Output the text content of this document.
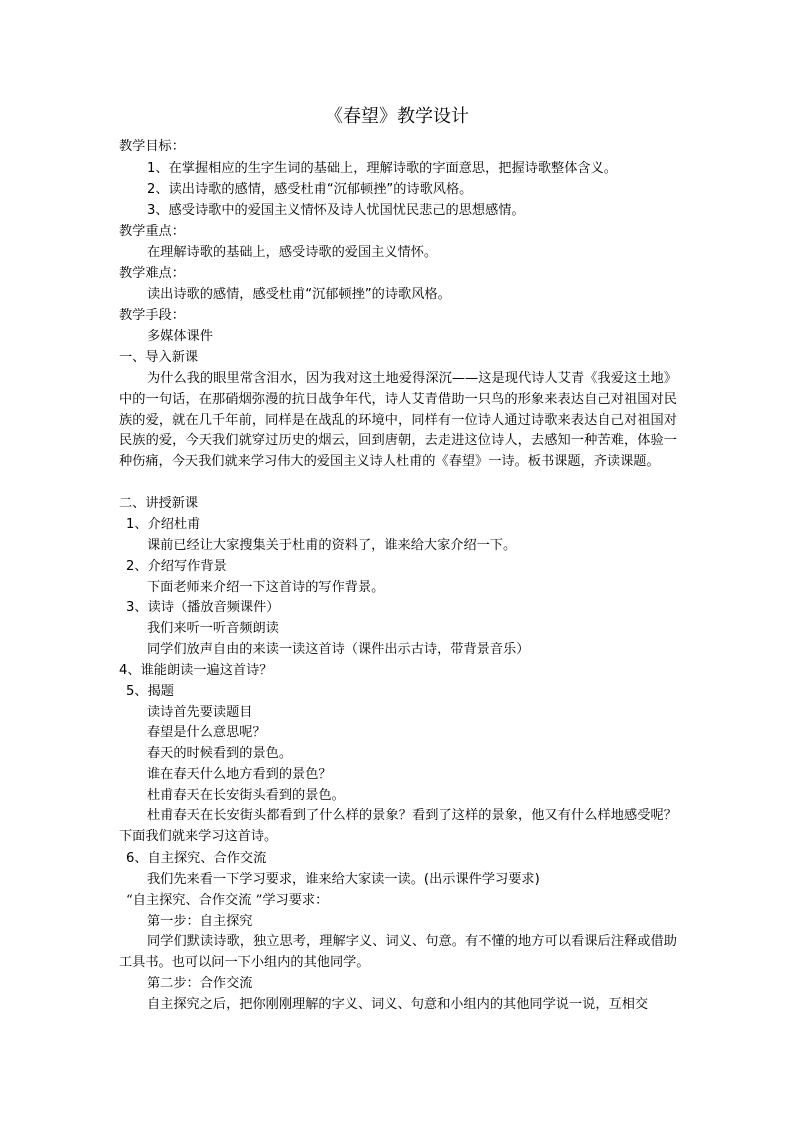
《春望》教学设计
教学目标：
1、在掌握相应的生字生词的基础上，理解诗歌的字面意思，把握诗歌整体含义。
2、读出诗歌的感情，感受杜甫“沉郁顿挫”的诗歌风格。
3、感受诗歌中的爱国主义情怀及诗人忧国忧民悲己的思想感情。
教学重点：
在理解诗歌的基础上，感受诗歌的爱国主义情怀。
教学难点：
读出诗歌的感情，感受杜甫“沉郁顿挫”的诗歌风格。
教学手段：
多媒体课件
一、导入新课
为什么我的眼里常含泪水，因为我对这土地爱得深沉——这是现代诗人艾青《我爱这土地》中的一句话，在那硝烟弥漫的抗日战争年代，诗人艾青借助一只鸟的形象来表达自己对祖国对民族的爱，就在几千年前，同样是在战乱的环境中，同样有一位诗人通过诗歌来表达自己对祖国对民族的爱，今天我们就穿过历史的烟云，回到唐朝，去走进这位诗人，去感知一种苦难，体验一种伤痛，今天我们就来学习伟大的爱国主义诗人杜甫的《春望》一诗。板书课题，齐读课题。
二、讲授新课
1、介绍杜甫
课前已经让大家搜集关于杜甫的资料了，谁来给大家介绍一下。
2、介绍写作背景
下面老师来介绍一下这首诗的写作背景。
3、读诗（播放音频课件）
我们来听一听音频朗读
同学们放声自由的来读一读这首诗（课件出示古诗，带背景音乐）
4、谁能朗读一遍这首诗？
5、揭题
读诗首先要读题目
春望是什么意思呢？
春天的时候看到的景色。
谁在春天什么地方看到的景色？
杜甫春天在长安街头看到的景色。
杜甫春天在长安街头都看到了什么样的景象？看到了这样的景象，他又有什么样地感受呢？下面我们就来学习这首诗。
6、自主探究、合作交流
我们先来看一下学习要求，谁来给大家读一读。(出示课件学习要求)
“自主探究、合作交流 ”学习要求：
第一步：自主探究
同学们默读诗歌，独立思考，理解字义、词义、句意。有不懂的地方可以看课后注释或借助工具书。也可以问一下小组内的其他同学。
第二步：合作交流
自主探究之后，把你刚刚理解的字义、词义、句意和小组内的其他同学说一说，互相交
